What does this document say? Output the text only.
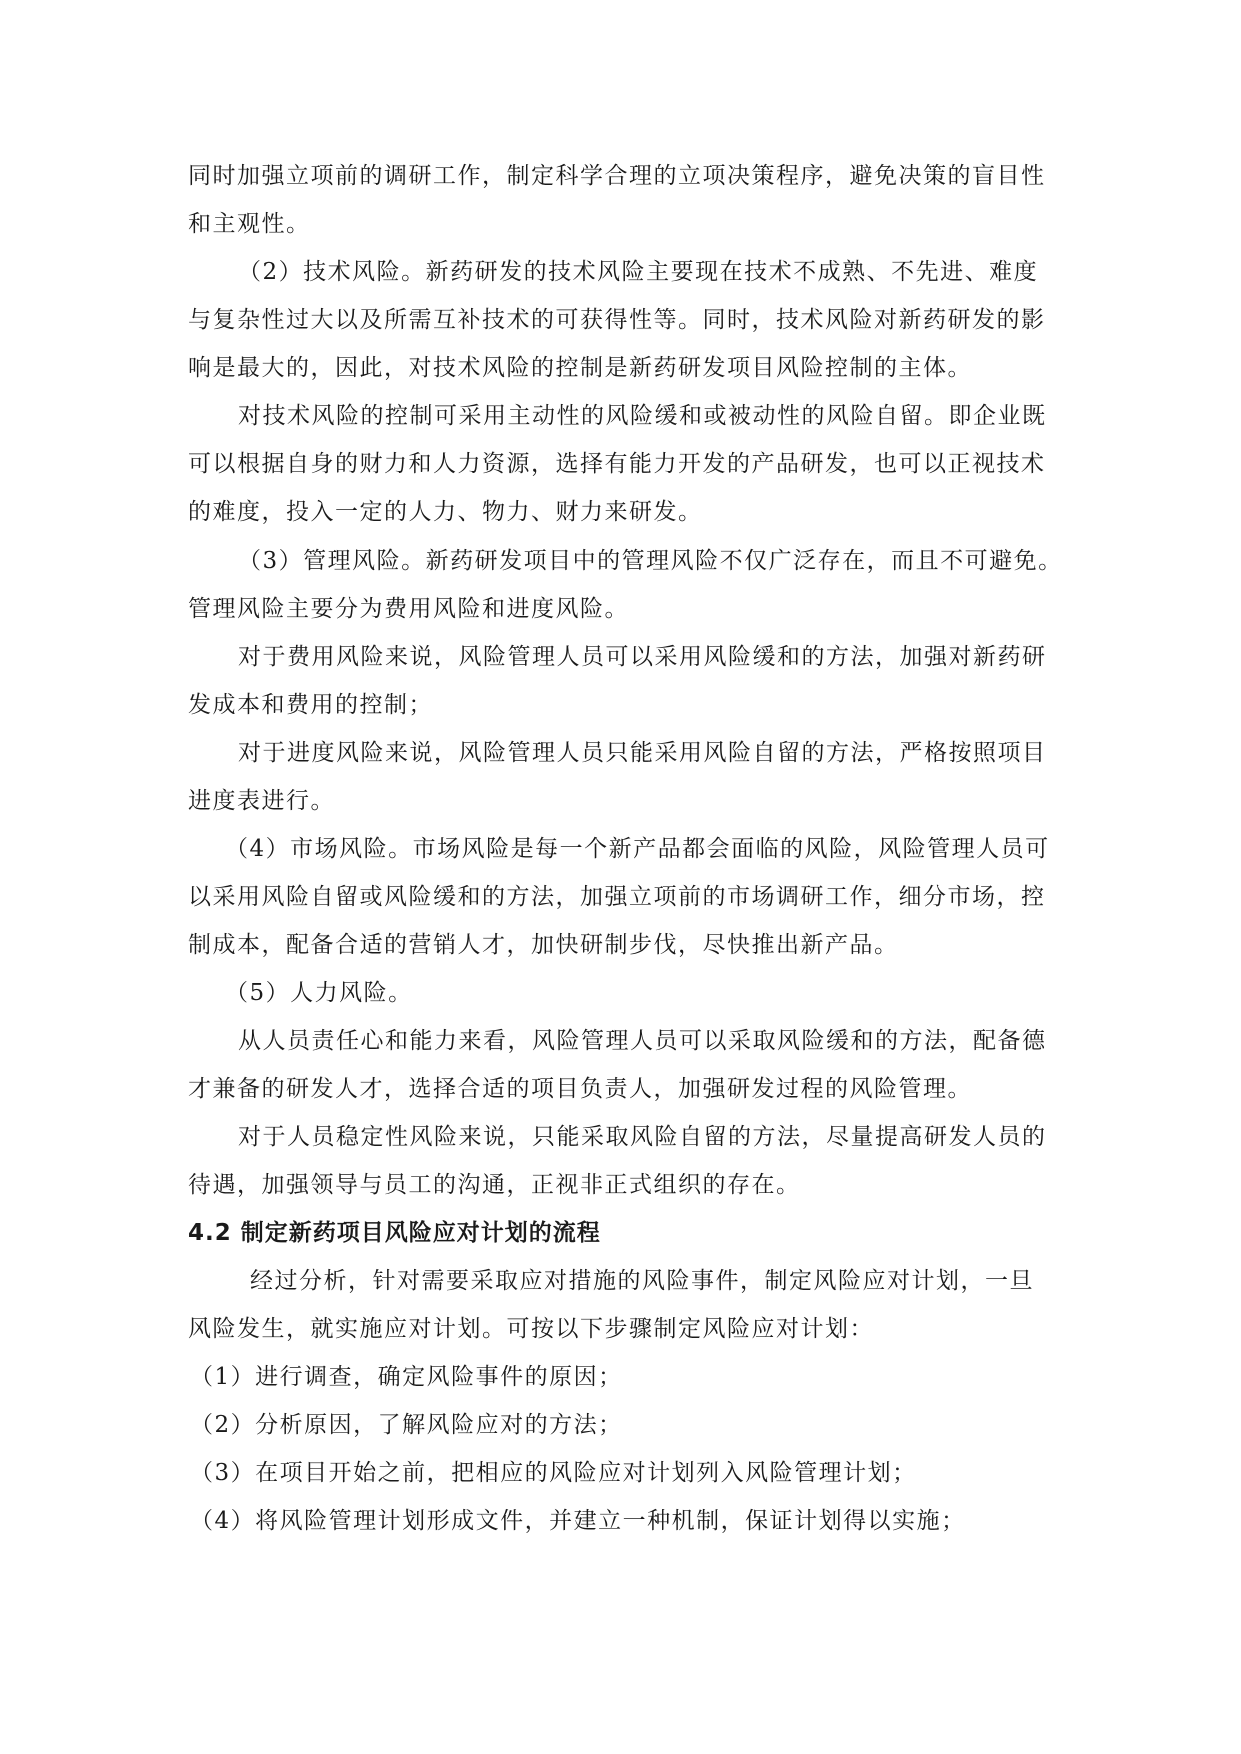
同时加强立项前的调研工作，制定科学合理的立项决策程序，避免决策的盲目性
和主观性。
（2）技术风险。新药研发的技术风险主要现在技术不成熟、不先进、难度
与复杂性过大以及所需互补技术的可获得性等。同时，技术风险对新药研发的影
响是最大的，因此，对技术风险的控制是新药研发项目风险控制的主体。
对技术风险的控制可采用主动性的风险缓和或被动性的风险自留。即企业既
可以根据自身的财力和人力资源，选择有能力开发的产品研发，也可以正视技术
的难度，投入一定的人力、物力、财力来研发。
（3）管理风险。新药研发项目中的管理风险不仅广泛存在，而且不可避免。
管理风险主要分为费用风险和进度风险。
对于费用风险来说，风险管理人员可以采用风险缓和的方法，加强对新药研
发成本和费用的控制；
对于进度风险来说，风险管理人员只能采用风险自留的方法，严格按照项目
进度表进行。
（4）市场风险。市场风险是每一个新产品都会面临的风险，风险管理人员可
以采用风险自留或风险缓和的方法，加强立项前的市场调研工作，细分市场，控
制成本，配备合适的营销人才，加快研制步伐，尽快推出新产品。
（5）人力风险。
从人员责任心和能力来看，风险管理人员可以采取风险缓和的方法，配备德
才兼备的研发人才，选择合适的项目负责人，加强研发过程的风险管理。
对于人员稳定性风险来说，只能采取风险自留的方法，尽量提高研发人员的
待遇，加强领导与员工的沟通，正视非正式组织的存在。
4.2 制定新药项目风险应对计划的流程
经过分析，针对需要采取应对措施的风险事件，制定风险应对计划，一旦
风险发生，就实施应对计划。可按以下步骤制定风险应对计划：
（1）进行调查，确定风险事件的原因；
（2）分析原因，了解风险应对的方法；
（3）在项目开始之前，把相应的风险应对计划列入风险管理计划；
（4）将风险管理计划形成文件，并建立一种机制，保证计划得以实施；
